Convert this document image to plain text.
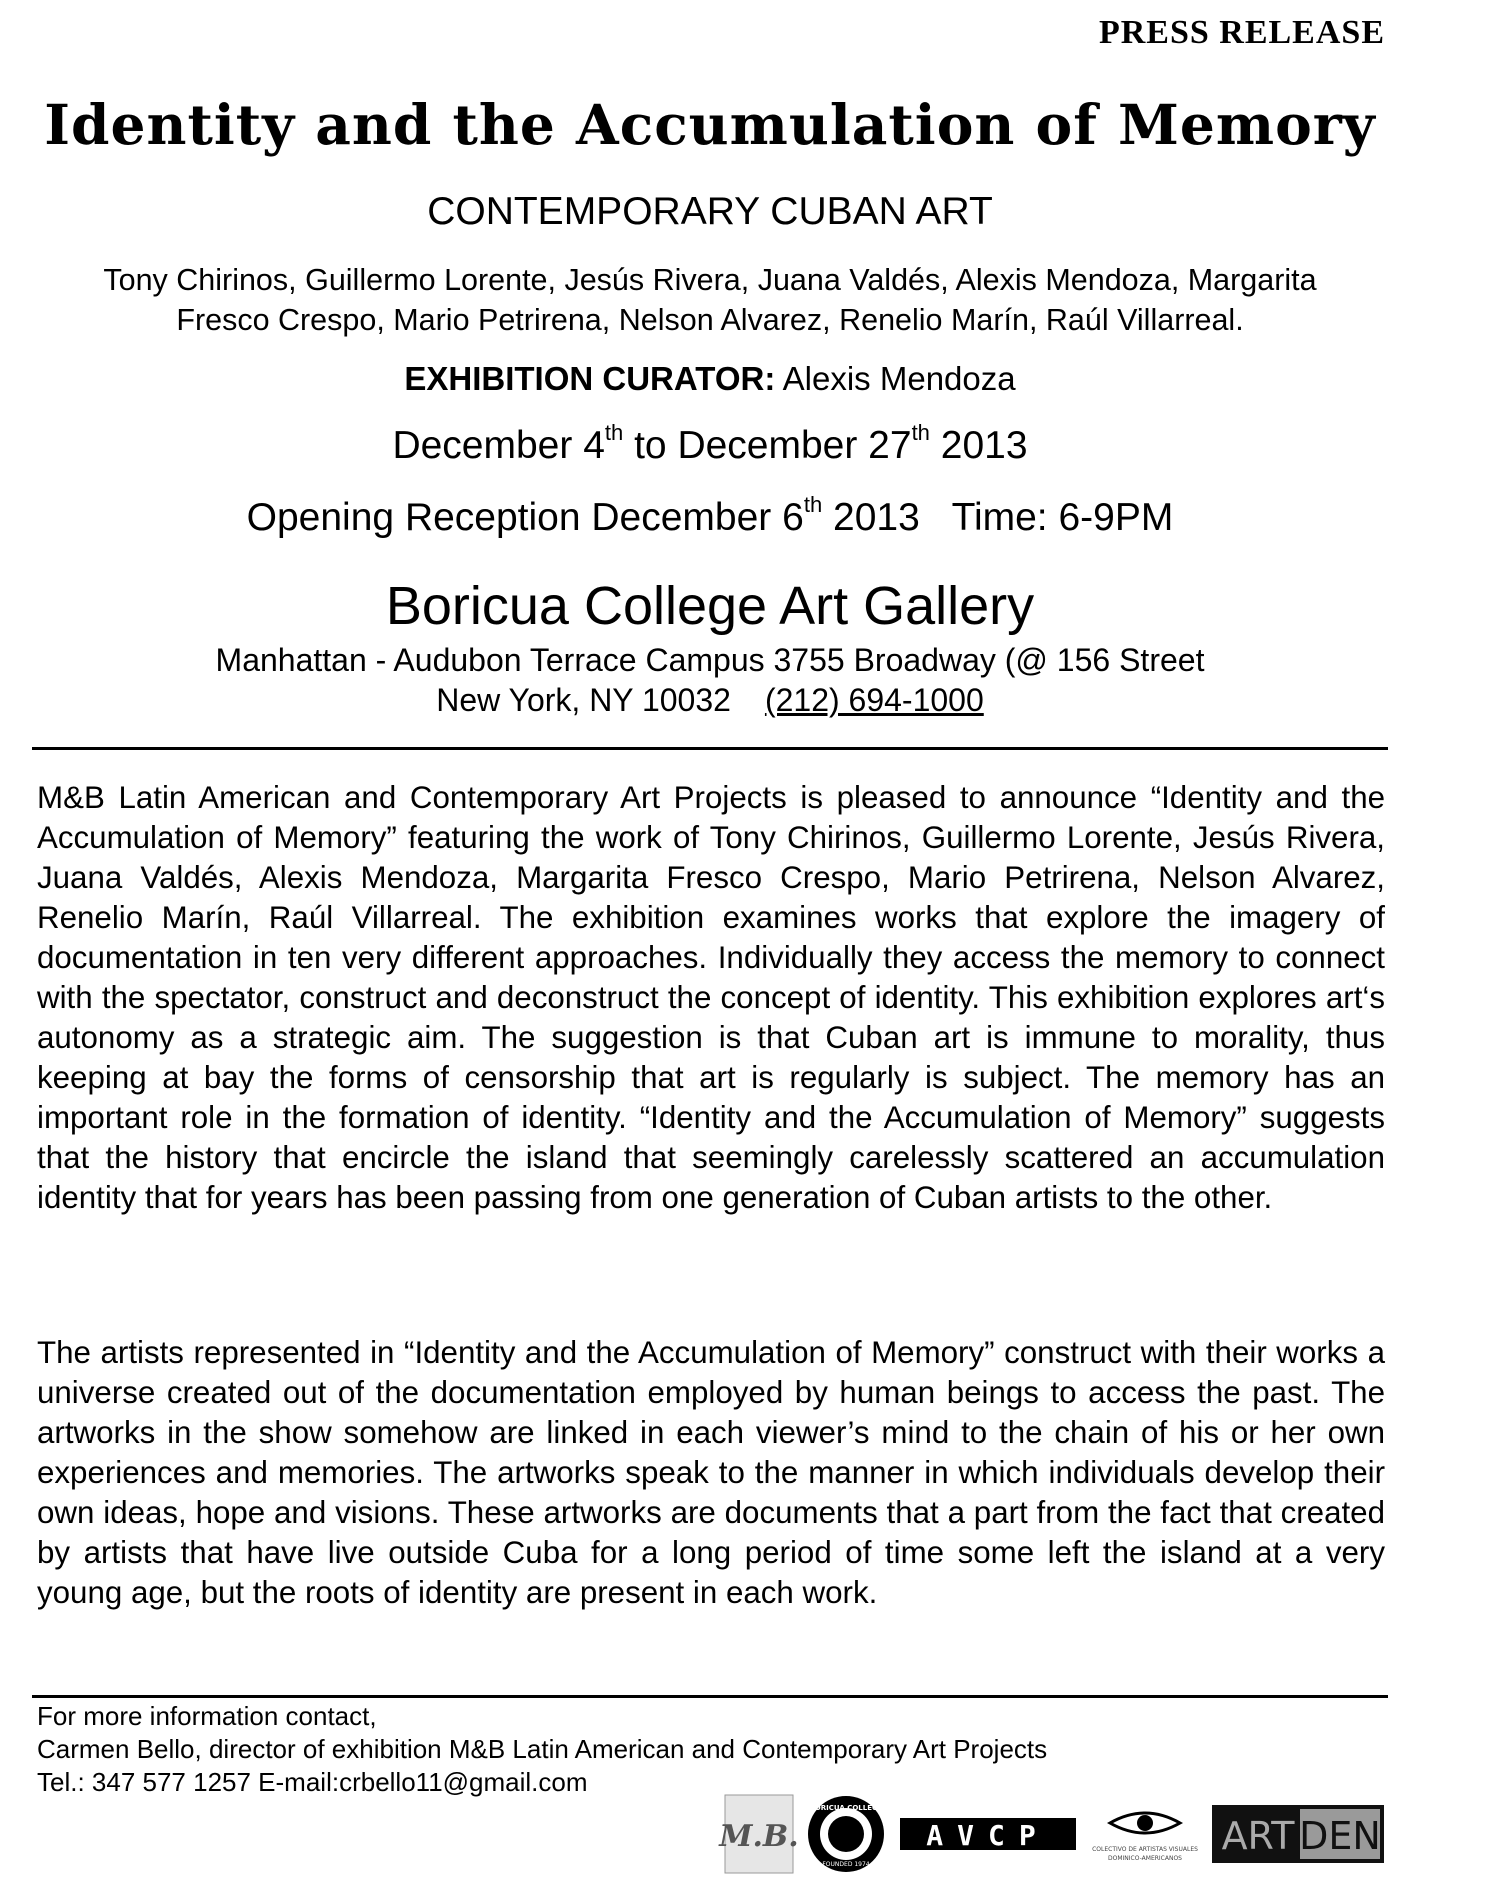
PRESS RELEASE

Identity and the Accumulation of Memory

CONTEMPORARY CUBAN ART

Tony Chirinos, Guillermo Lorente, Jesús Rivera, Juana Valdés, Alexis Mendoza, Margarita Fresco Crespo, Mario Petrirena, Nelson Alvarez, Renelio Marín, Raúl Villarreal.

EXHIBITION CURATOR: Alexis Mendoza

December 4th to December 27th 2013

Opening Reception December 6th 2013   Time: 6-9PM

Boricua College Art Gallery
Manhattan - Audubon Terrace Campus 3755 Broadway (@ 156 Street
New York, NY 10032 (212) 694-1000

M&B Latin American and Contemporary Art Projects is pleased to announce “Identity and the Accumulation of Memory” featuring the work of Tony Chirinos, Guillermo Lorente, Jesús Rivera, Juana Valdés, Alexis Mendoza, Margarita Fresco Crespo, Mario Petrirena, Nelson Alvarez, Renelio Marín, Raúl Villarreal. The exhibition examines works that explore the imagery of documentation in ten very different approaches. Individually they access the memory to connect with the spectator, construct and deconstruct the concept of identity. This exhibition explores art‘s autonomy as a strategic aim. The suggestion is that Cuban art is immune to morality, thus keeping at bay the forms of censorship that art is regularly is subject. The memory has an important role in the formation of identity. “Identity and the Accumulation of Memory” suggests that the history that encircle the island that seemingly carelessly scattered an accumulation identity that for years has been passing from one generation of Cuban artists to the other.

The artists represented in “Identity and the Accumulation of Memory” construct with their works a universe created out of the documentation employed by human beings to access the past. The artworks in the show somehow are linked in each viewer’s mind to the chain of his or her own experiences and memories. The artworks speak to the manner in which individuals develop their own ideas, hope and visions. These artworks are documents that a part from the fact that created by artists that have live outside Cuba for a long period of time some left the island at a very young age, but the roots of identity are present in each work.

For more information contact,
Carmen Bello, director of exhibition M&B Latin American and Contemporary Art Projects
Tel.: 347 577 1257 E-mail:crbello11@gmail.com
M.B.
BORICUA COLLEGE
FOUNDED 1974
AVCP	COLECTIVO DE ARTISTAS VISUALES
DOMINICO-AMERICANOS
ART DEN
